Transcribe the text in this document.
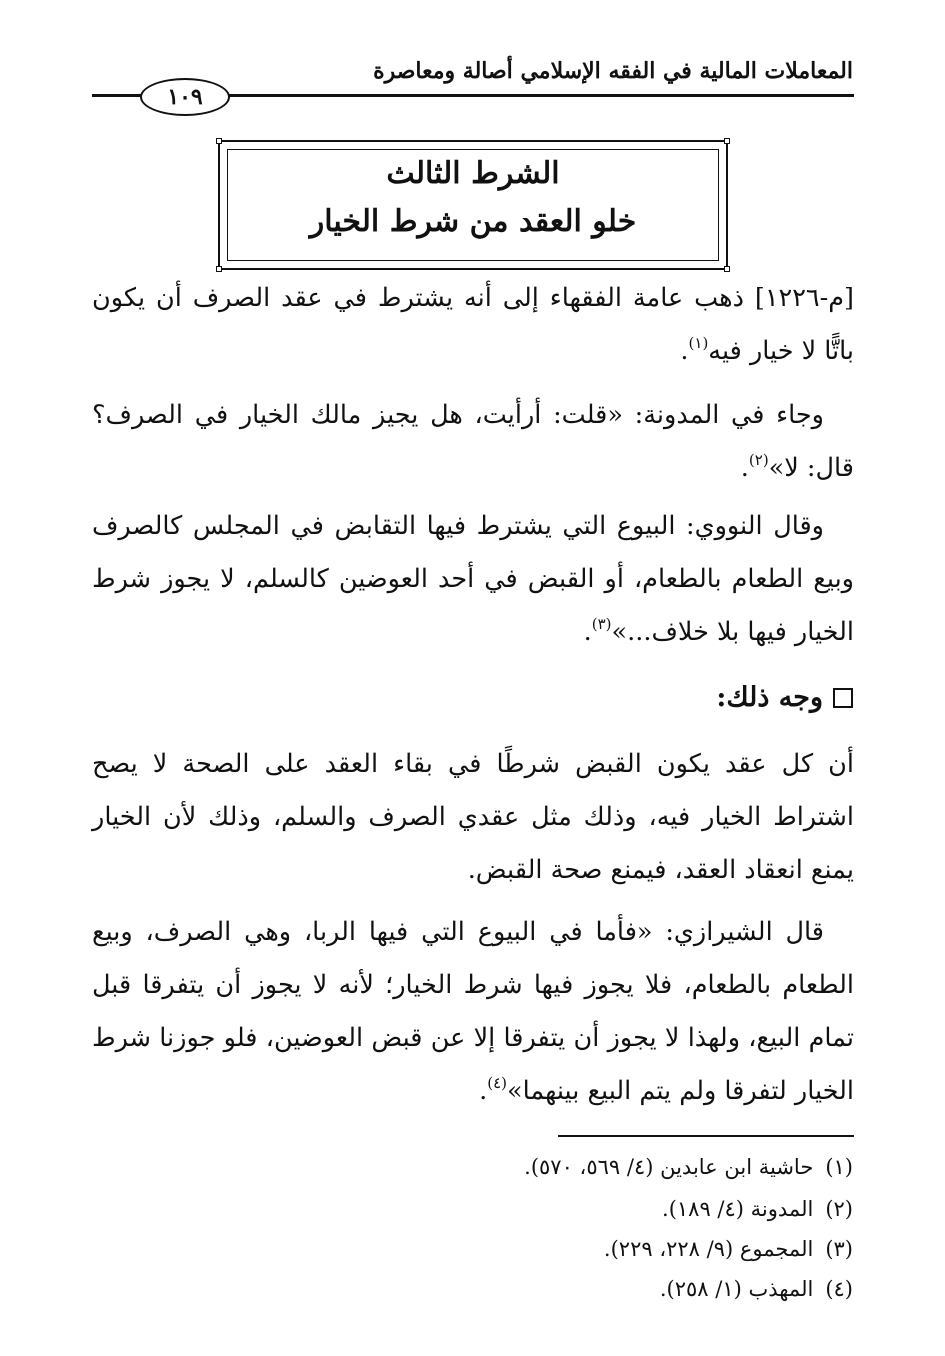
المعاملات المالية في الفقه الإسلامي أصالة ومعاصرة
١٠٩
الشرط الثالث
خلو العقد من شرط الخيار
[م-١٢٢٦] ذهب عامة الفقهاء إلى أنه يشترط في عقد الصرف أن يكون باتًّا لا خيار فيه$^{(١)}$.
وجاء في المدونة: «قلت: أرأيت، هل يجيز مالك الخيار في الصرف؟ قال: لا»$^{(٢)}$.
وقال النووي: البيوع التي يشترط فيها التقابض في المجلس كالصرف وبيع الطعام بالطعام، أو القبض في أحد العوضين كالسلم، لا يجوز شرط الخيار فيها بلا خلاف...»$^{(٣)}$.
وجه ذلك:
أن كل عقد يكون القبض شرطًا في بقاء العقد على الصحة لا يصح اشتراط الخيار فيه، وذلك مثل عقدي الصرف والسلم، وذلك لأن الخيار يمنع انعقاد العقد، فيمنع صحة القبض.
قال الشيرازي: «فأما في البيوع التي فيها الربا، وهي الصرف، وبيع الطعام بالطعام، فلا يجوز فيها شرط الخيار؛ لأنه لا يجوز أن يتفرقا قبل تمام البيع، ولهذا لا يجوز أن يتفرقا إلا عن قبض العوضين، فلو جوزنا شرط الخيار لتفرقا ولم يتم البيع بينهما»$^{(٤)}$.
(١)حاشية ابن عابدين (٤/ ٥٦٩، ٥٧٠).
(٢)المدونة (٤/ ١٨٩).
(٣)المجموع (٩/ ٢٢٨، ٢٢٩).
(٤)المهذب (١/ ٢٥٨).
